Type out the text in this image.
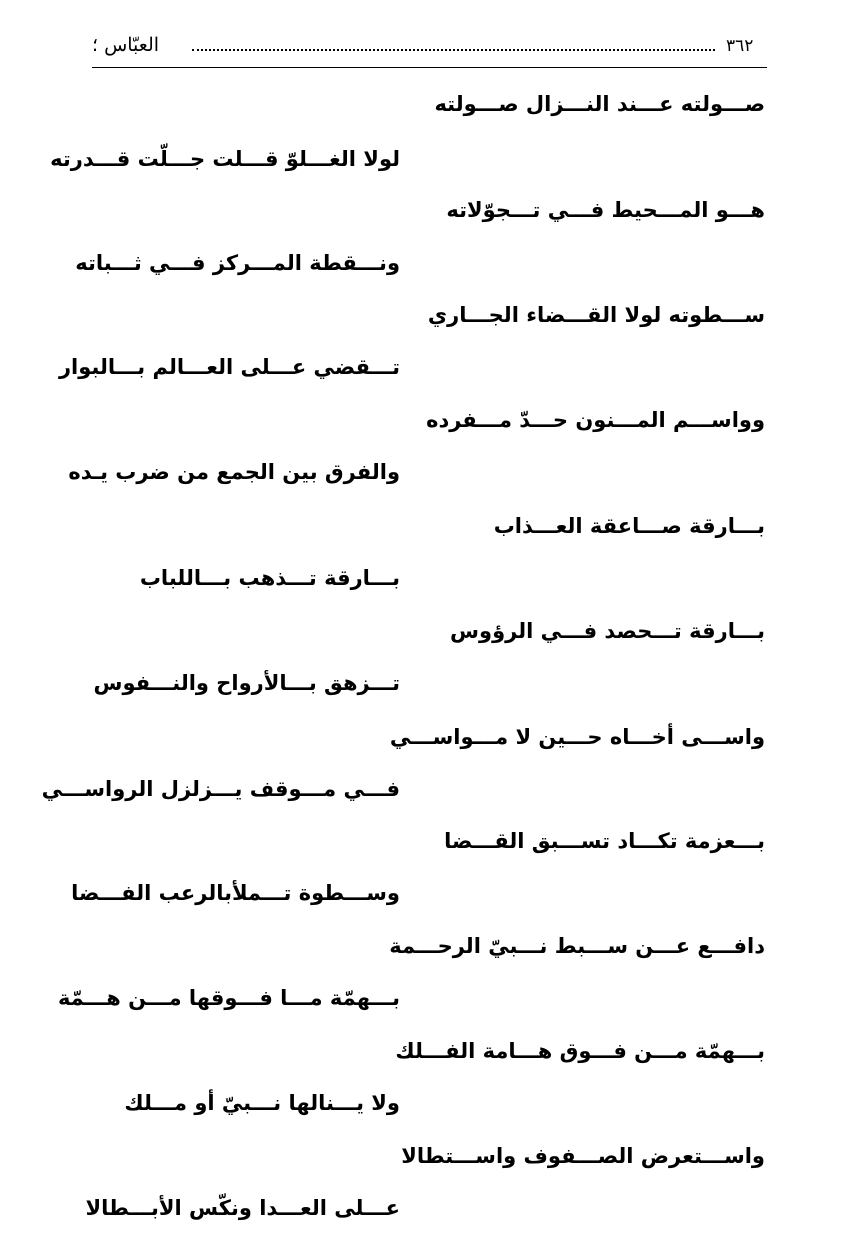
٣٦٢
العبّاس ؛
صـــولته عـــند النـــزال صـــولته
لولا الغـــلوّ قـــلت جـــلّت قـــدرته
هـــو المـــحيط فـــي تـــجوّلاته
ونـــقطة المـــركز فـــي ثـــباته
ســـطوته لولا القـــضاء الجـــاري
تـــقضي عـــلى العـــالم بـــالبوار
وواســـم المـــنون حـــدّ مـــفرده
والفرق بين الجمع من ضرب يـده
بـــارقة صـــاعقة العـــذاب
بـــارقة تـــذهب بـــاللباب
بـــارقة تـــحصد فـــي الرؤوس
تـــزهق بـــالأرواح والنـــفوس
واســـى أخـــاه حـــين لا مـــواســـي
فـــي مـــوقف يـــزلزل الرواســـي
بـــعزمة تكـــاد تســـبق القـــضا
وســـطوة تـــملأبالرعب الفـــضا
دافـــع عـــن ســـبط نـــبيّ الرحـــمة
بـــهمّة مـــا فـــوقها مـــن هـــمّة
بـــهمّة مـــن فـــوق هـــامة الفـــلك
ولا يـــنالها نـــبيّ أو مـــلك
واســـتعرض الصـــفوف واســـتطالا
عـــلى العـــدا ونكّس الأبـــطالا
